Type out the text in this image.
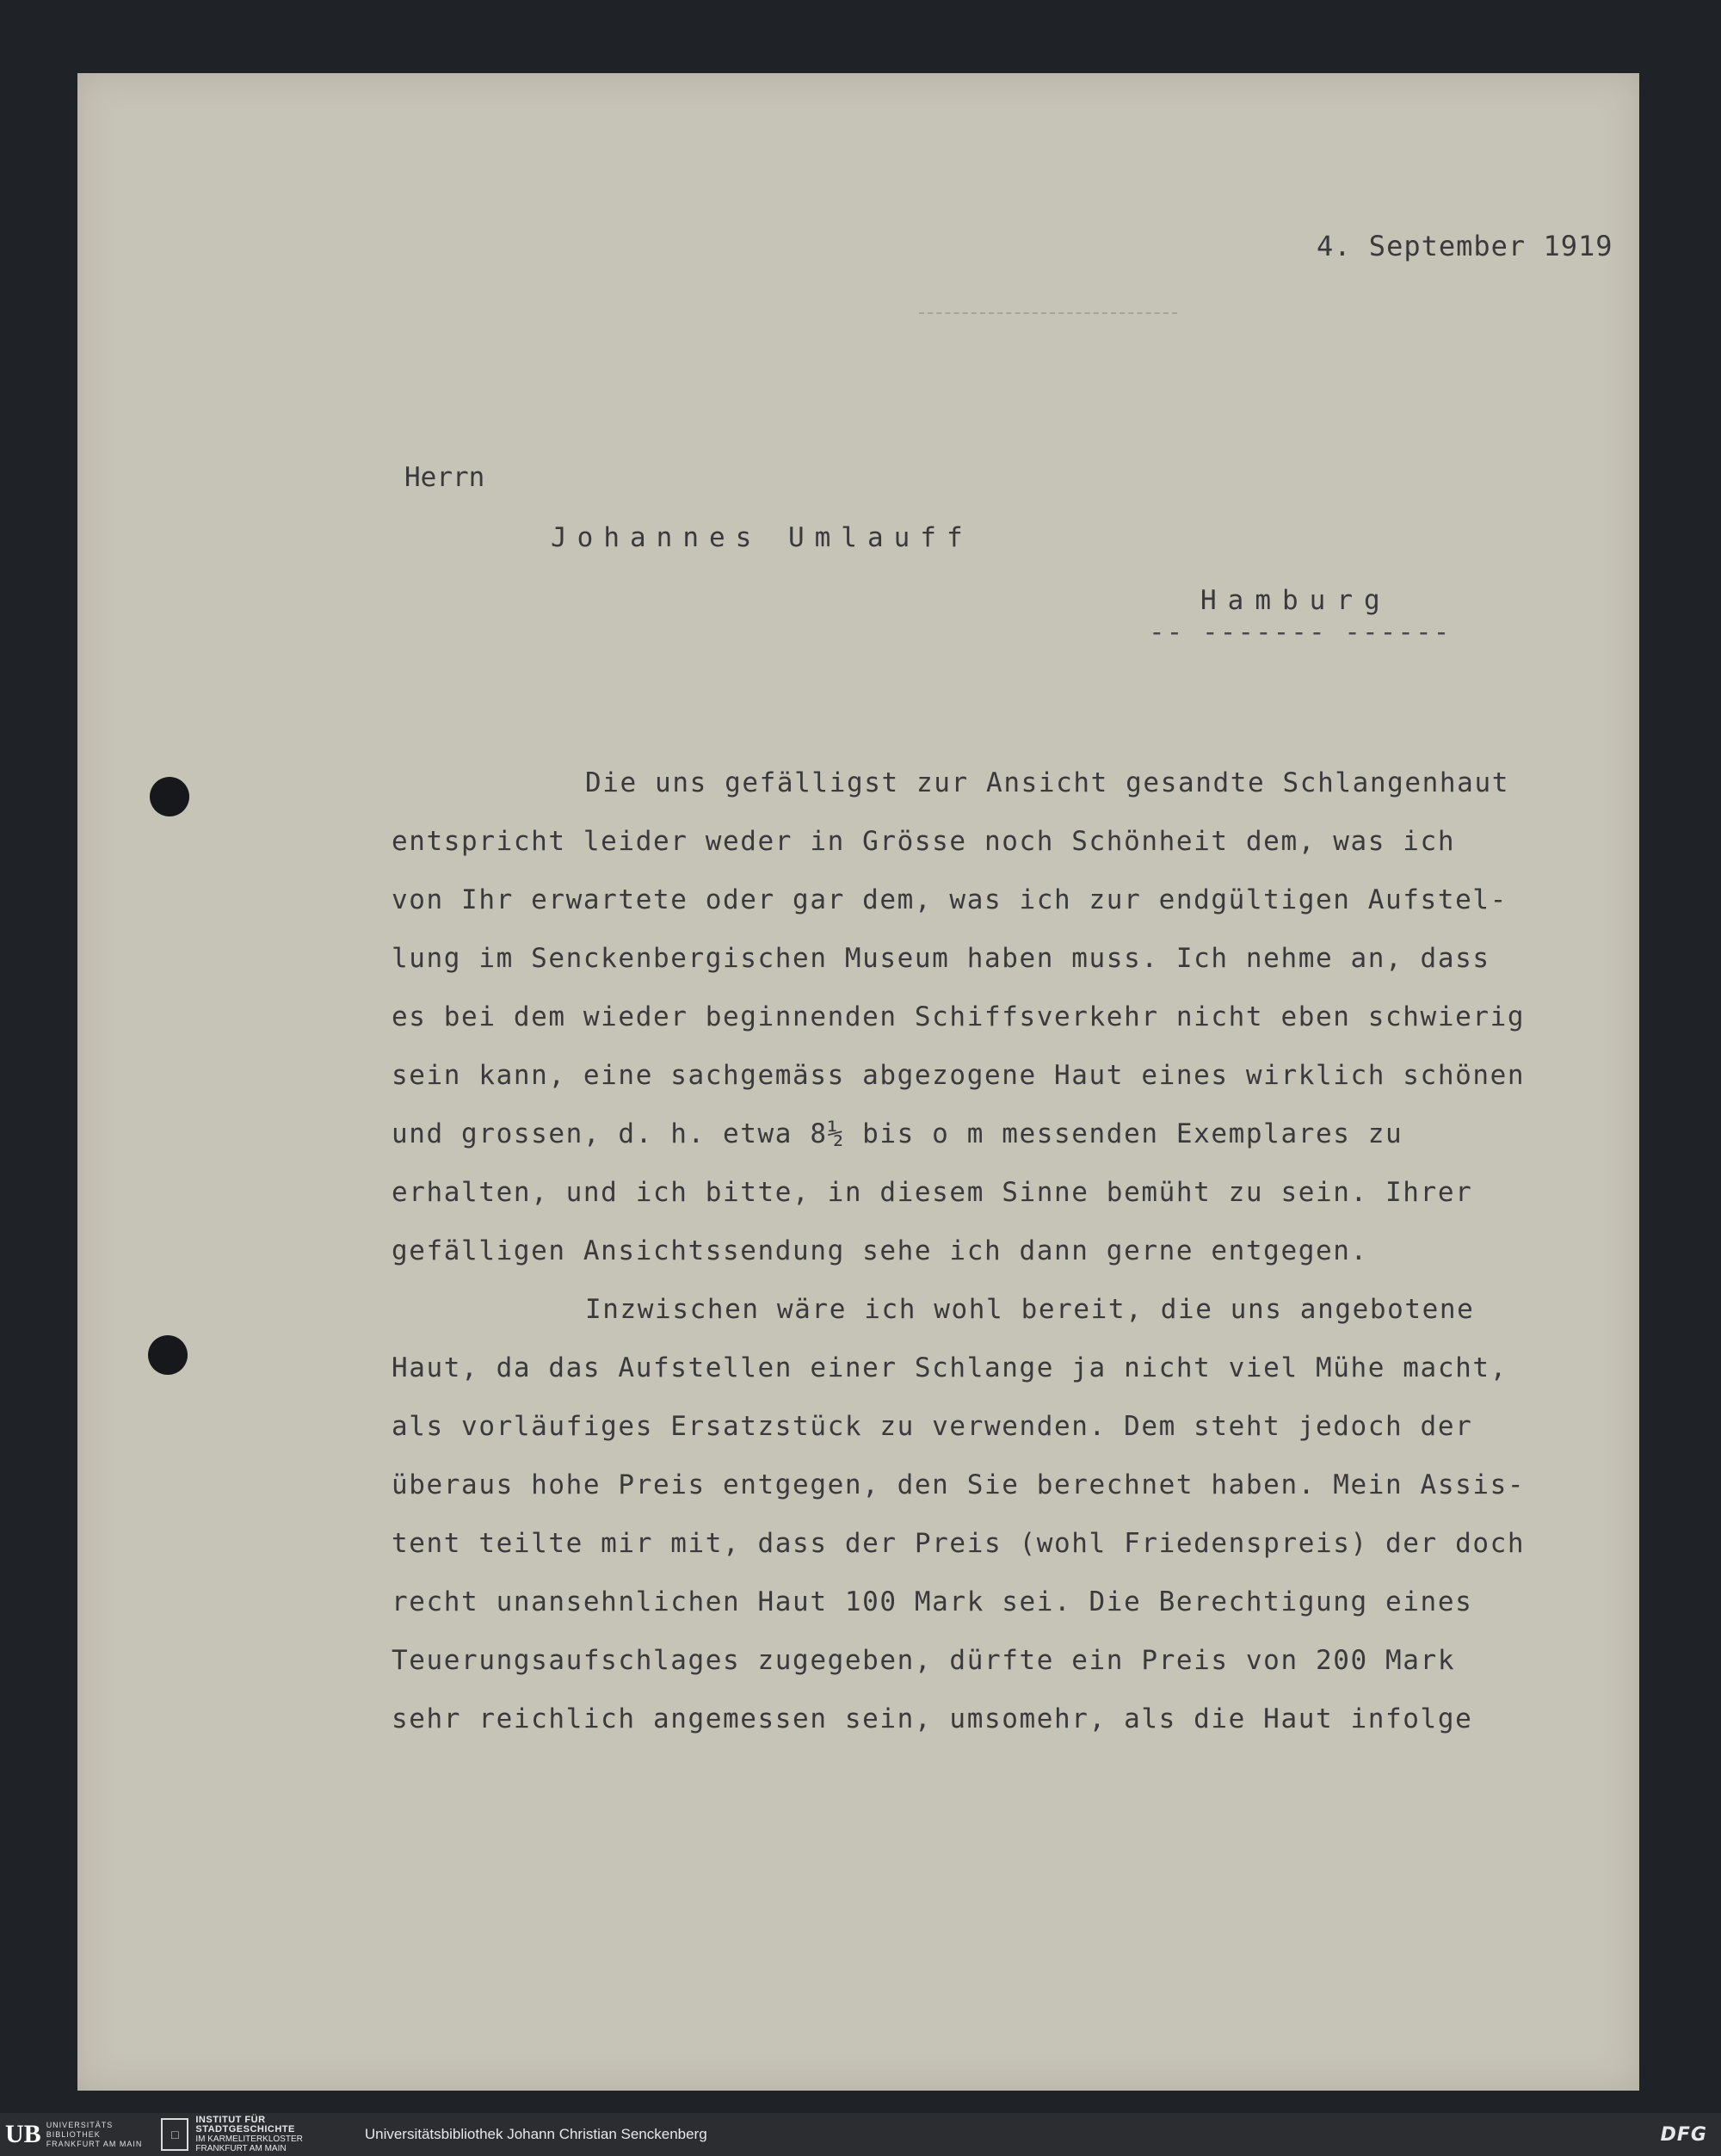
4. September 1919

Herrn

Johannes Umlauff

Hamburg

-- ------- ------

Die uns gefälligst zur Ansicht gesandte Schlangenhaut

entspricht leider weder in Grösse noch Schönheit dem, was ich

von Ihr erwartete oder gar dem, was ich zur endgültigen Aufstel-

lung im Senckenbergischen Museum haben muss. Ich nehme an, dass

es bei dem wieder beginnenden Schiffsverkehr nicht eben schwierig

sein kann, eine sachgemäss abgezogene Haut eines wirklich schönen

und grossen, d. h. etwa 8½ bis o m messenden Exemplares zu

erhalten, und ich bitte, in diesem Sinne bemüht zu sein. Ihrer

gefälligen Ansichtssendung sehe ich dann gerne entgegen.

Inzwischen wäre ich wohl bereit, die uns angebotene

Haut, da das Aufstellen einer Schlange ja nicht viel Mühe macht,

als vorläufiges Ersatzstück zu verwenden. Dem steht jedoch der

überaus hohe Preis entgegen, den Sie berechnet haben. Mein Assis-

tent teilte mir mit, dass der Preis (wohl Friedenspreis) der doch

recht unansehnlichen Haut 100 Mark sei. Die Berechtigung eines

Teuerungsaufschlages zugegeben, dürfte ein Preis von 200 Mark

sehr reichlich angemessen sein, umsomehr, als die Haut infolge

UB UNIVERSITÄTS
BIBLIOTHEK
FRANKFURT AM MAIN
□
INSTITUT FÜR
STADTGESCHICHTE
IM KARMELITERKLOSTER
FRANKFURT AM MAIN
Universitätsbibliothek Johann Christian Senckenberg	DFG
